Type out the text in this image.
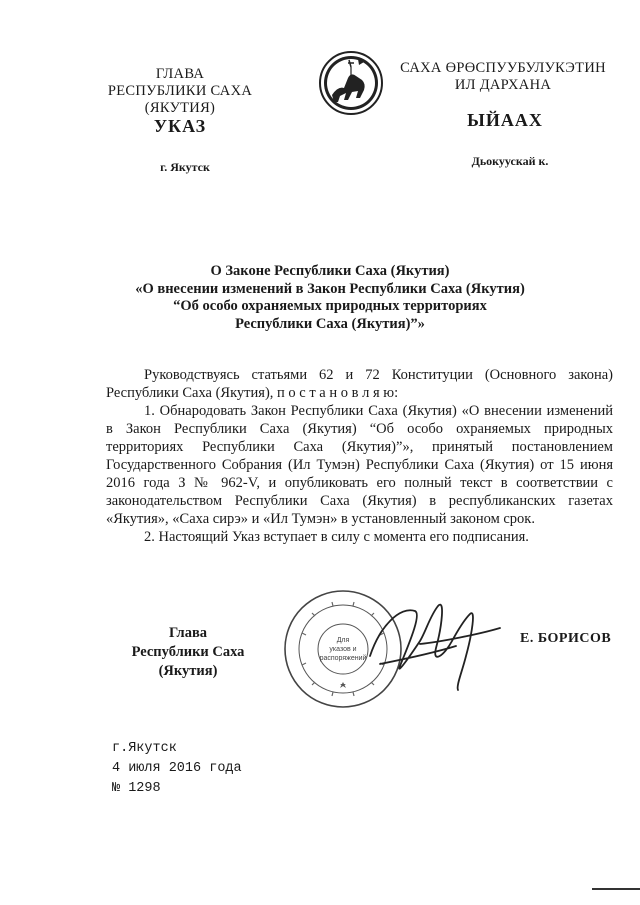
ГЛАВА
РЕСПУБЛИКИ САХА (ЯКУТИЯ)
САХА ӨРӨСПУУБУЛУКЭТИН
ИЛ ДАРХАНА
УКАЗ	ЫЙААХ
г. Якутск	Дьокуускай к.
О Законе Республики Саха (Якутия)
«О внесении изменений в Закон Республики Саха (Якутия)
“Об особо охраняемых природных территориях
Республики Саха (Якутия)”»

Руководствуясь статьями 62 и 72 Конституции (Основного закона) Республики Саха (Якутия), п о с т а н о в л я ю:

1. Обнародовать Закон Республики Саха (Якутия) «О внесении изменений в Закон Республики Саха (Якутия) “Об особо охраняемых природных территориях Республики Саха (Якутия)”», принятый постановлением Государственного Собрания (Ил Тумэн) Республики Саха (Якутия) от 15 июня 2016 года З № 962-V, и опубликовать его полный текст в соответствии с законодательством Республики Саха (Якутия) в республиканских газетах «Якутия», «Саха сирэ» и «Ил Тумэн» в установленный законом срок.

2. Настоящий Указ вступает в силу с момента его подписания.

Для
указов и
распоряжений
Глава
Республики Саха (Якутия)
Е. БОРИСОВ
г.Якутск
4 июля 2016 года
№ 1298
